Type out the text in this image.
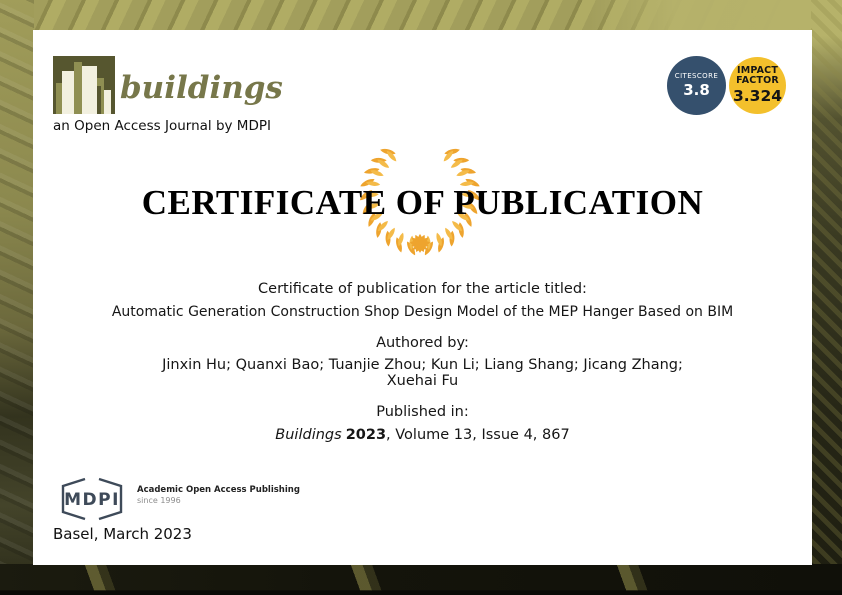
buildings
an Open Access Journal by MDPI
CITESCORE
3.8
IMPACT
FACTOR
3.324
CERTIFICATE OF PUBLICATION
Certificate of publication for the article titled:
Automatic Generation Construction Shop Design Model of the MEP Hanger Based on BIM
Authored by:
Jinxin Hu; Quanxi Bao; Tuanjie Zhou; Kun Li; Liang Shang; Jicang Zhang;
Xuehai Fu
Published in:
Buildings 2023, Volume 13, Issue 4, 867
MDPI Academic Open Access Publishing
since 1996
Basel, March 2023
